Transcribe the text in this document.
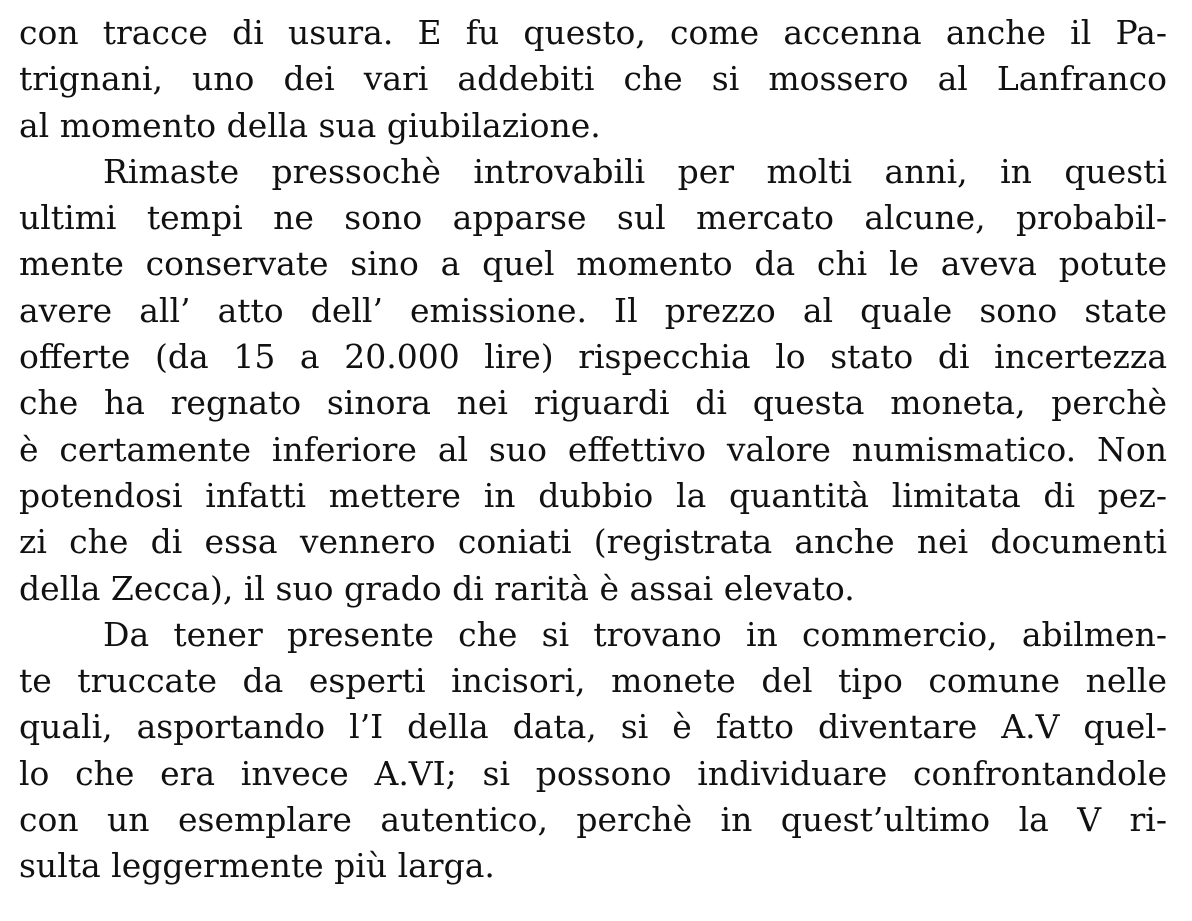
con tracce di usura. E fu questo, come accenna anche il Pa-
trignani, uno dei vari addebiti che si mossero al Lanfranco
al momento della sua giubilazione.
Rimaste pressochè introvabili per molti anni, in questi
ultimi tempi ne sono apparse sul mercato alcune, probabil-
mente conservate sino a quel momento da chi le aveva potute
avere all’ atto dell’ emissione. Il prezzo al quale sono state
offerte (da 15 a 20.000 lire) rispecchia lo stato di incertezza
che ha regnato sinora nei riguardi di questa moneta, perchè
è certamente inferiore al suo effettivo valore numismatico. Non
potendosi infatti mettere in dubbio la quantità limitata di pez-
zi che di essa vennero coniati (registrata anche nei documenti
della Zecca), il suo grado di rarità è assai elevato.
Da tener presente che si trovano in commercio, abilmen-
te truccate da esperti incisori, monete del tipo comune nelle
quali, asportando l’I della data, si è fatto diventare A.V quel-
lo che era invece A.VI; si possono individuare confrontandole
con un esemplare autentico, perchè in quest’ultimo la V ri-
sulta leggermente più larga.
